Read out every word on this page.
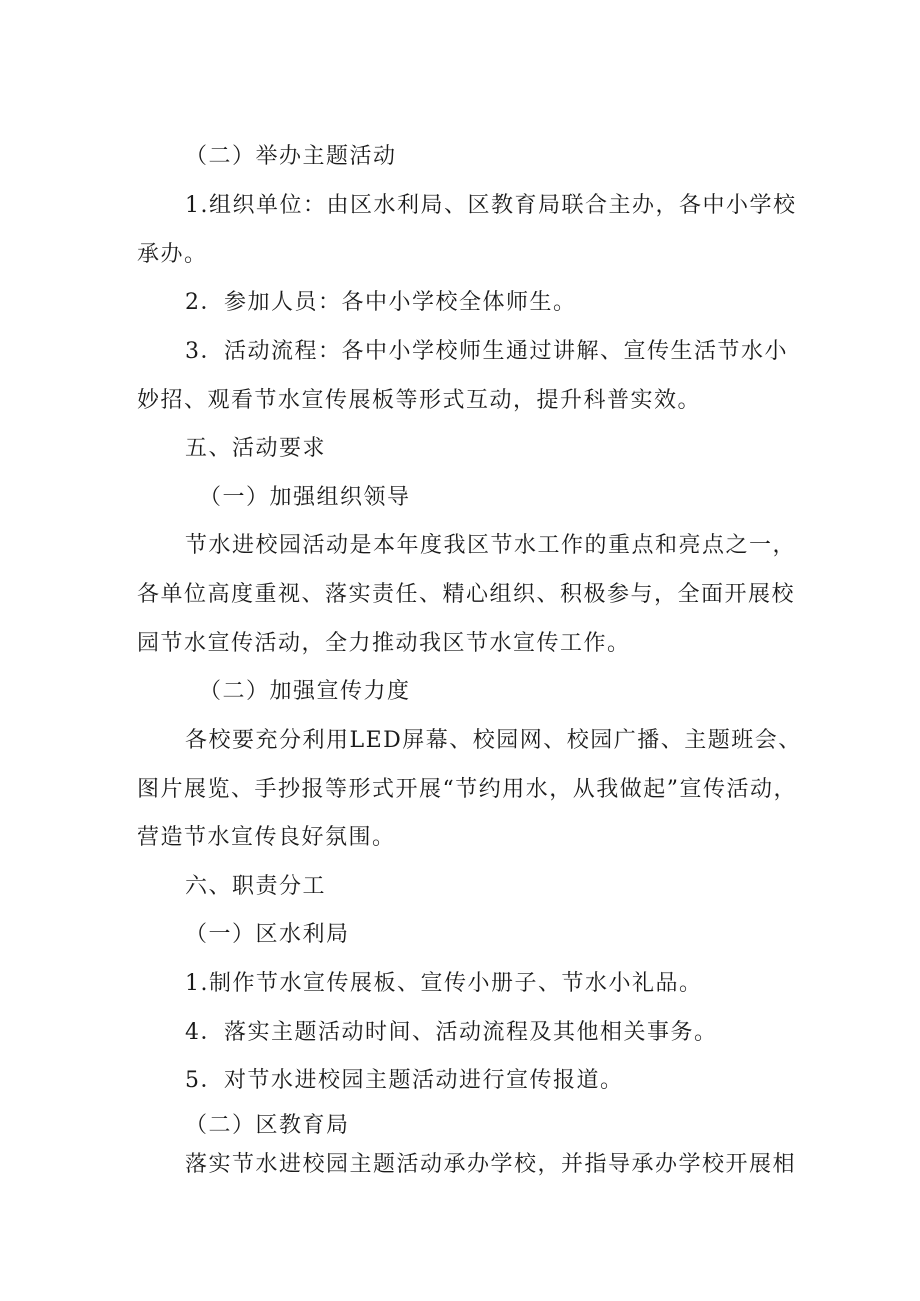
（二）举办主题活动
1.组织单位：由区水利局、区教育局联合主办，各中小学校
承办。
2．参加人员：各中小学校全体师生。
3．活动流程：各中小学校师生通过讲解、宣传生活节水小
妙招、观看节水宣传展板等形式互动，提升科普实效。
五、活动要求
（一）加强组织领导
节水进校园活动是本年度我区节水工作的重点和亮点之一，
各单位高度重视、落实责任、精心组织、积极参与，全面开展校
园节水宣传活动，全力推动我区节水宣传工作。
（二）加强宣传力度
各校要充分利用LED屏幕、校园网、校园广播、主题班会、
图片展览、手抄报等形式开展“节约用水，从我做起”宣传活动，
营造节水宣传良好氛围。
六、职责分工
（一）区水利局
1.制作节水宣传展板、宣传小册子、节水小礼品。
4．落实主题活动时间、活动流程及其他相关事务。
5．对节水进校园主题活动进行宣传报道。
（二）区教育局
落实节水进校园主题活动承办学校，并指导承办学校开展相
